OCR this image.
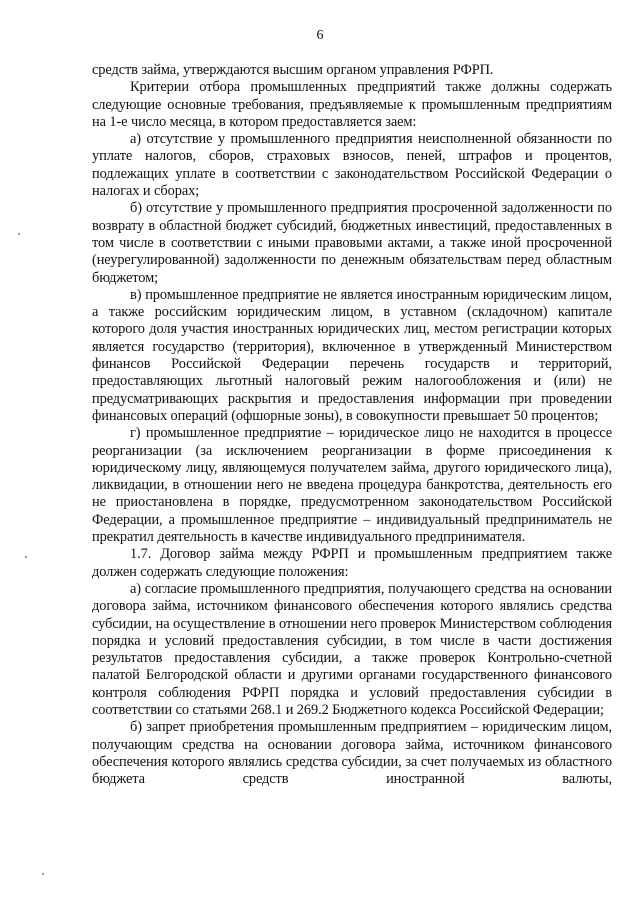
6

средств займа, утверждаются высшим органом управления РФРП.

Критерии отбора промышленных предприятий также должны содержать следующие основные требования, предъявляемые к промышленным предприятиям на 1-е число месяца, в котором предоставляется заем:

а) отсутствие у промышленного предприятия неисполненной обязанности по уплате налогов, сборов, страховых взносов, пеней, штрафов и процентов, подлежащих уплате в соответствии с законодательством Российской Федерации о налогах и сборах;

б) отсутствие у промышленного предприятия просроченной задолженности по возврату в областной бюджет субсидий, бюджетных инвестиций, предоставленных в том числе в соответствии с иными правовыми актами, а также иной просроченной (неурегулированной) задолженности по денежным обязательствам перед областным бюджетом;

в) промышленное предприятие не является иностранным юридическим лицом, а также российским юридическим лицом, в уставном (складочном) капитале которого доля участия иностранных юридических лиц, местом регистрации которых является государство (территория), включенное в утвержденный Министерством финансов Российской Федерации перечень государств и территорий, предоставляющих льготный налоговый режим налогообложения и (или) не предусматривающих раскрытия и предоставления информации при проведении финансовых операций (офшорные зоны), в совокупности превышает 50 процентов;

г) промышленное предприятие – юридическое лицо не находится в процессе реорганизации (за исключением реорганизации в форме присоединения к юридическому лицу, являющемуся получателем займа, другого юридического лица), ликвидации, в отношении него не введена процедура банкротства, деятельность его не приостановлена в порядке, предусмотренном законодательством Российской Федерации, а промышленное предприятие – индивидуальный предприниматель не прекратил деятельность в качестве индивидуального предпринимателя.

1.7. Договор займа между РФРП и промышленным предприятием также должен содержать следующие положения:

а) согласие промышленного предприятия, получающего средства на основании договора займа, источником финансового обеспечения которого являлись средства субсидии, на осуществление в отношении него проверок Министерством соблюдения порядка и условий предоставления субсидии, в том числе в части достижения результатов предоставления субсидии, а также проверок Контрольно-счетной палатой Белгородской области и другими органами государственного финансового контроля соблюдения РФРП порядка и условий предоставления субсидии в соответствии со статьями 268.1 и 269.2 Бюджетного кодекса Российской Федерации;

б) запрет приобретения промышленным предприятием – юридическим лицом, получающим средства на основании договора займа, источником финансового обеспечения которого являлись средства субсидии, за счет получаемых из областного бюджета средств иностранной валюты,
